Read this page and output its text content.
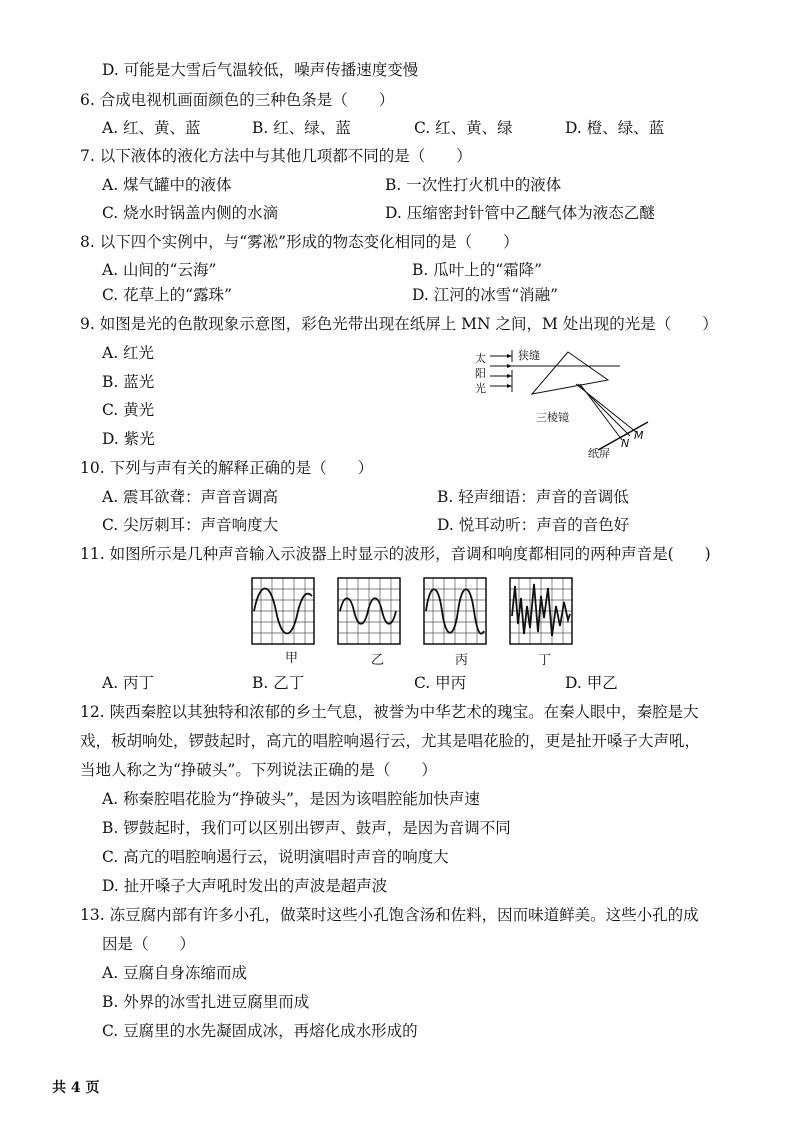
D. 可能是大雪后气温较低，噪声传播速度变慢
6. 合成电视机画面颜色的三种色条是（　　）
A. 红、黄、蓝	B. 红、绿、蓝	C. 红、黄、绿	D. 橙、绿、蓝
7. 以下液体的液化方法中与其他几项都不同的是（　　）
A. 煤气罐中的液体	B. 一次性打火机中的液体
C. 烧水时锅盖内侧的水滴	D. 压缩密封针管中乙醚气体为液态乙醚
8. 以下四个实例中，与“雾凇”形成的物态变化相同的是（　　）
A. 山间的“云海”	B. 瓜叶上的“霜降”
C. 花草上的“露珠”	D. 江河的冰雪“消融”
9. 如图是光的色散现象示意图，彩色光带出现在纸屏上 MN 之间，M 处出现的光是（　　）
A. 红光
B. 蓝光
C. 黄光
D. 紫光
太
阳
光
狭缝
三棱镜
纸屏
N
M
10. 下列与声有关的解释正确的是（　　）
A. 震耳欲聋：声音音调高	B. 轻声细语：声音的音调低
C. 尖厉刺耳：声音响度大	D. 悦耳动听：声音的音色好
11. 如图所示是几种声音输入示波器上时显示的波形，音调和响度都相同的两种声音是(　　)
甲	乙	丙	丁
A. 丙丁	B. 乙丁	C. 甲丙	D. 甲乙
12. 陕西秦腔以其独特和浓郁的乡土气息，被誉为中华艺术的瑰宝。在秦人眼中，秦腔是大
戏，板胡响处，锣鼓起时，高亢的唱腔响遏行云，尤其是唱花脸的，更是扯开嗓子大声吼，
当地人称之为“挣破头”。下列说法正确的是（　　）
A. 称秦腔唱花脸为“挣破头”，是因为该唱腔能加快声速
B. 锣鼓起时，我们可以区别出锣声、鼓声，是因为音调不同
C. 高亢的唱腔响遏行云，说明演唱时声音的响度大
D. 扯开嗓子大声吼时发出的声波是超声波
13. 冻豆腐内部有许多小孔，做菜时这些小孔饱含汤和佐料，因而味道鲜美。这些小孔的成
因是（　　）
A. 豆腐自身冻缩而成
B. 外界的冰雪扎进豆腐里而成
C. 豆腐里的水先凝固成冰，再熔化成水形成的
共 4 页
